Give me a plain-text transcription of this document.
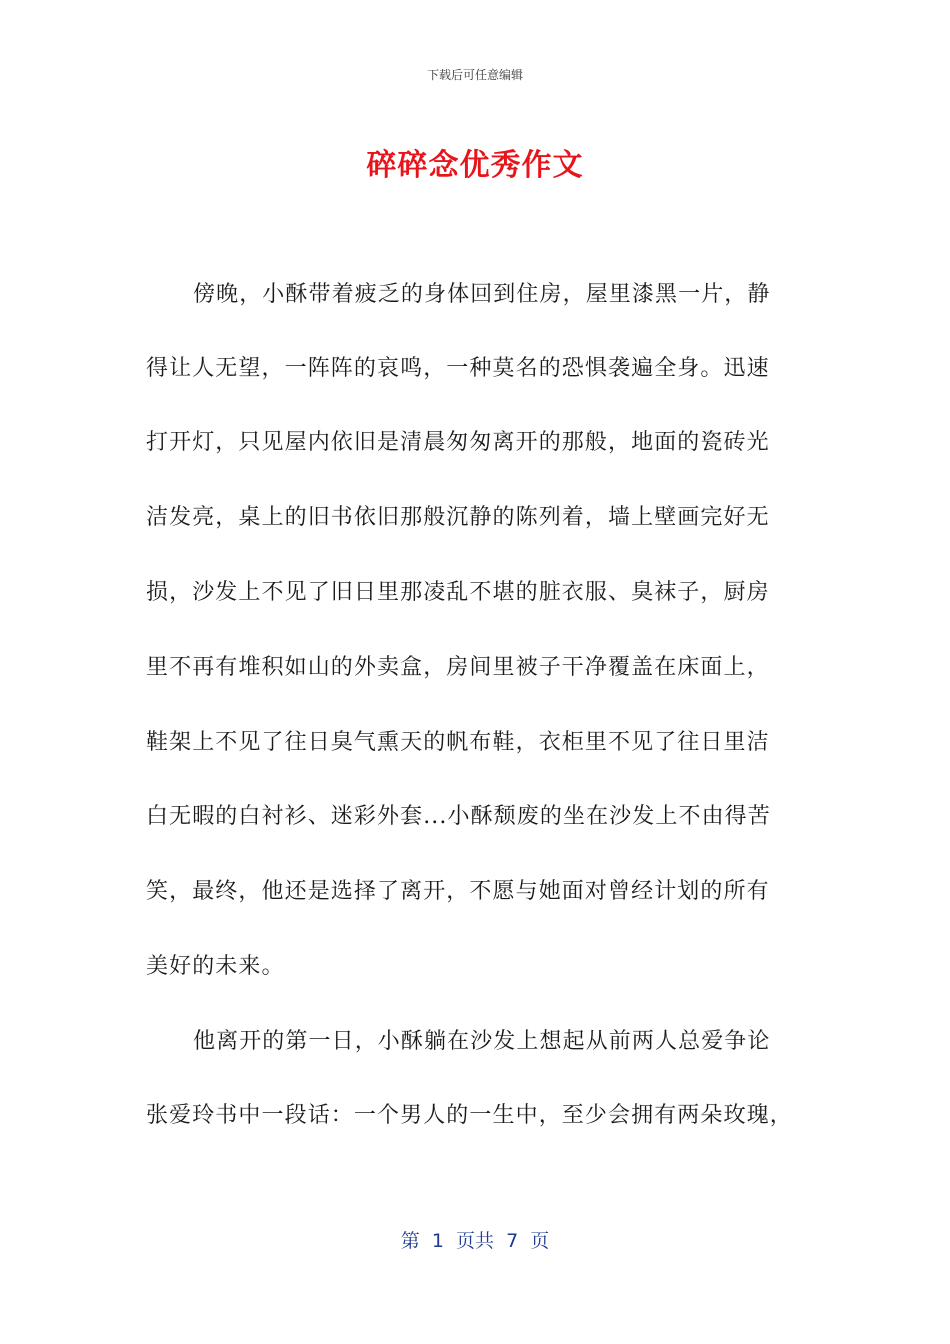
下载后可任意编辑
碎碎念优秀作文
傍晚，小酥带着疲乏的身体回到住房，屋里漆黑一片，静
得让人无望，一阵阵的哀鸣，一种莫名的恐惧袭遍全身。迅速
打开灯，只见屋内依旧是清晨匆匆离开的那般，地面的瓷砖光
洁发亮，桌上的旧书依旧那般沉静的陈列着，墙上壁画完好无
损，沙发上不见了旧日里那凌乱不堪的脏衣服、臭袜子，厨房
里不再有堆积如山的外卖盒，房间里被子干净覆盖在床面上，
鞋架上不见了往日臭气熏天的帆布鞋，衣柜里不见了往日里洁
白无暇的白衬衫、迷彩外套...小酥颓废的坐在沙发上不由得苦
笑，最终，他还是选择了离开，不愿与她面对曾经计划的所有
美好的未来。
他离开的第一日，小酥躺在沙发上想起从前两人总爱争论
张爱玲书中一段话：一个男人的一生中，至少会拥有两朵玫瑰，
第  1  页共  7  页
